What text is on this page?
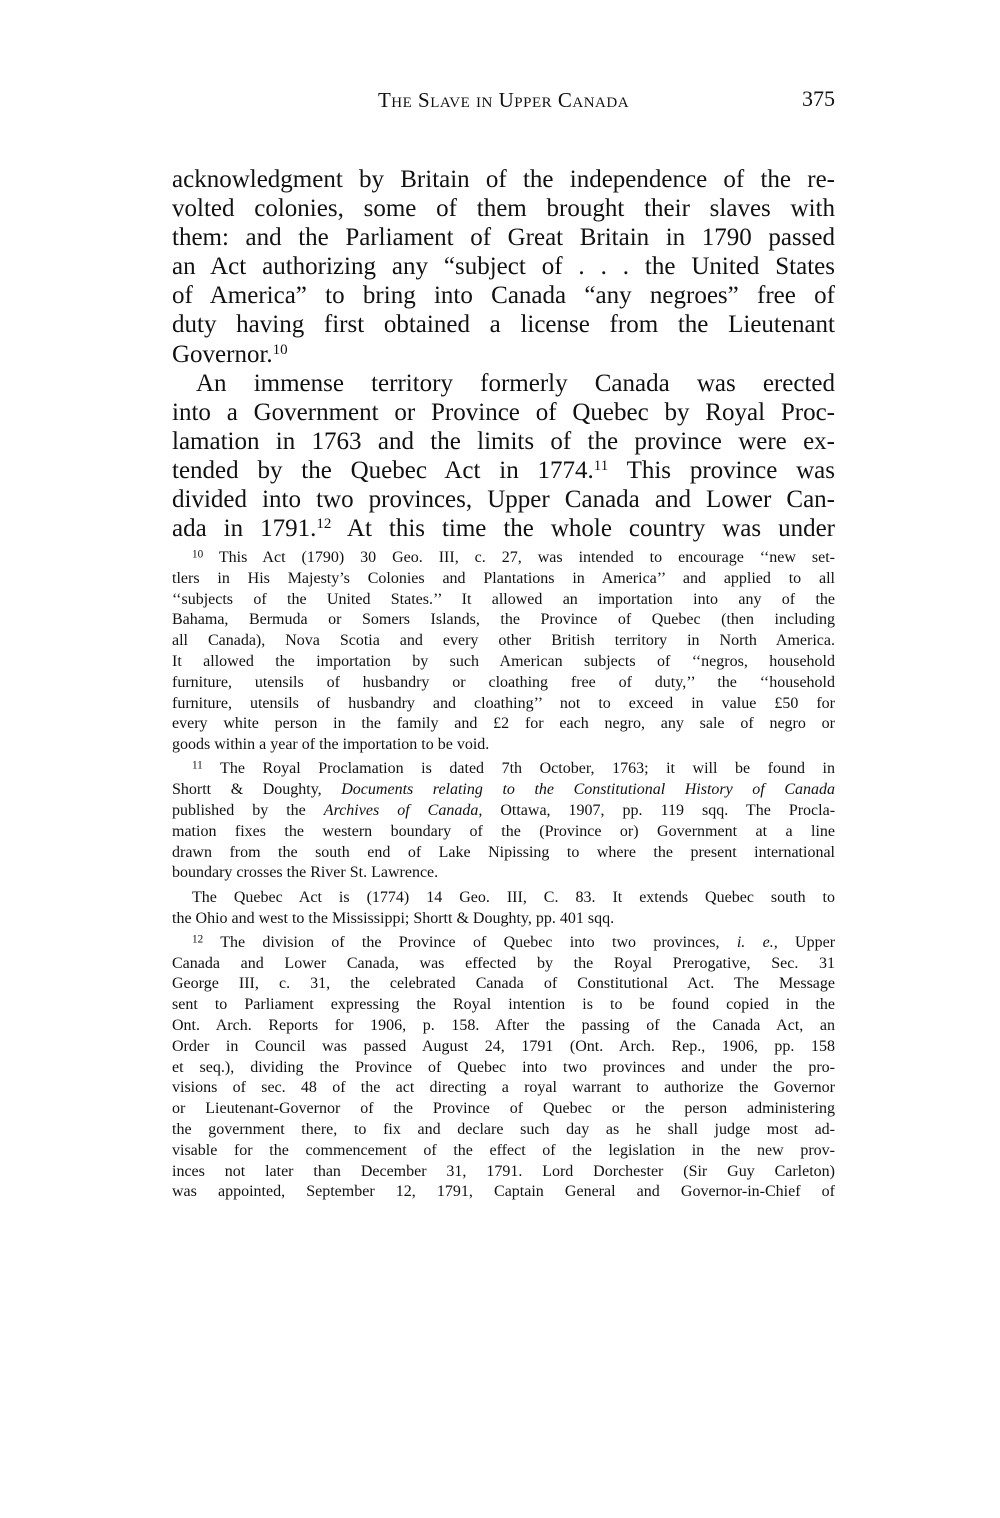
The Slave in Upper Canada	375
acknowledgment by Britain of the independence of the re-
volted colonies, some of them brought their slaves with
them: and the Parliament of Great Britain in 1790 passed
an Act authorizing any “subject of . . . the United States
of America” to bring into Canada “any negroes” free of
duty having first obtained a license from the Lieutenant
Governor.$^{10}$
An immense territory formerly Canada was erected
into a Government or Province of Quebec by Royal Proc-
lamation in 1763 and the limits of the province were ex-
tended by the Quebec Act in 1774.11 This province was
divided into two provinces, Upper Canada and Lower Can-
ada in 1791.12 At this time the whole country was under
$^{10}$ This Act (1790) 30 Geo. III, c. 27, was intended to encourage ‘‘new set-
tlers in His Majesty’s Colonies and Plantations in America’’ and applied to all
‘‘subjects of the United States.’’ It allowed an importation into any of the
Bahama, Bermuda or Somers Islands, the Province of Quebec (then including
all Canada), Nova Scotia and every other British territory in North America.
It allowed the importation by such American subjects of ‘‘negros, household
furniture, utensils of husbandry or cloathing free of duty,’’ the ‘‘household
furniture, utensils of husbandry and cloathing’’ not to exceed in value £50 for
every white person in the family and £2 for each negro, any sale of negro or
goods within a year of the importation to be void.
$^{11}$ The Royal Proclamation is dated 7th October, 1763; it will be found in
Shortt & Doughty, Documents relating to the Constitutional History of Canada
published by the Archives of Canada, Ottawa, 1907, pp. 119 sqq. The Procla-
mation fixes the western boundary of the (Province or) Government at a line
drawn from the south end of Lake Nipissing to where the present international
boundary crosses the River St. Lawrence.
The Quebec Act is (1774) 14 Geo. III, C. 83. It extends Quebec south to
the Ohio and west to the Mississippi; Shortt & Doughty, pp. 401 sqq.
$^{12}$ The division of the Province of Quebec into two provinces, i. e., Upper
Canada and Lower Canada, was effected by the Royal Prerogative, Sec. 31
George III, c. 31, the celebrated Canada of Constitutional Act. The Message
sent to Parliament expressing the Royal intention is to be found copied in the
Ont. Arch. Reports for 1906, p. 158. After the passing of the Canada Act, an
Order in Council was passed August 24, 1791 (Ont. Arch. Rep., 1906, pp. 158
et seq.), dividing the Province of Quebec into two provinces and under the pro-
visions of sec. 48 of the act directing a royal warrant to authorize the Governor
or Lieutenant-Governor of the Province of Quebec or the person administering
the government there, to fix and declare such day as he shall judge most ad-
visable for the commencement of the effect of the legislation in the new prov-
inces not later than December 31, 1791. Lord Dorchester (Sir Guy Carleton)
was appointed, September 12, 1791, Captain General and Governor-in-Chief of
